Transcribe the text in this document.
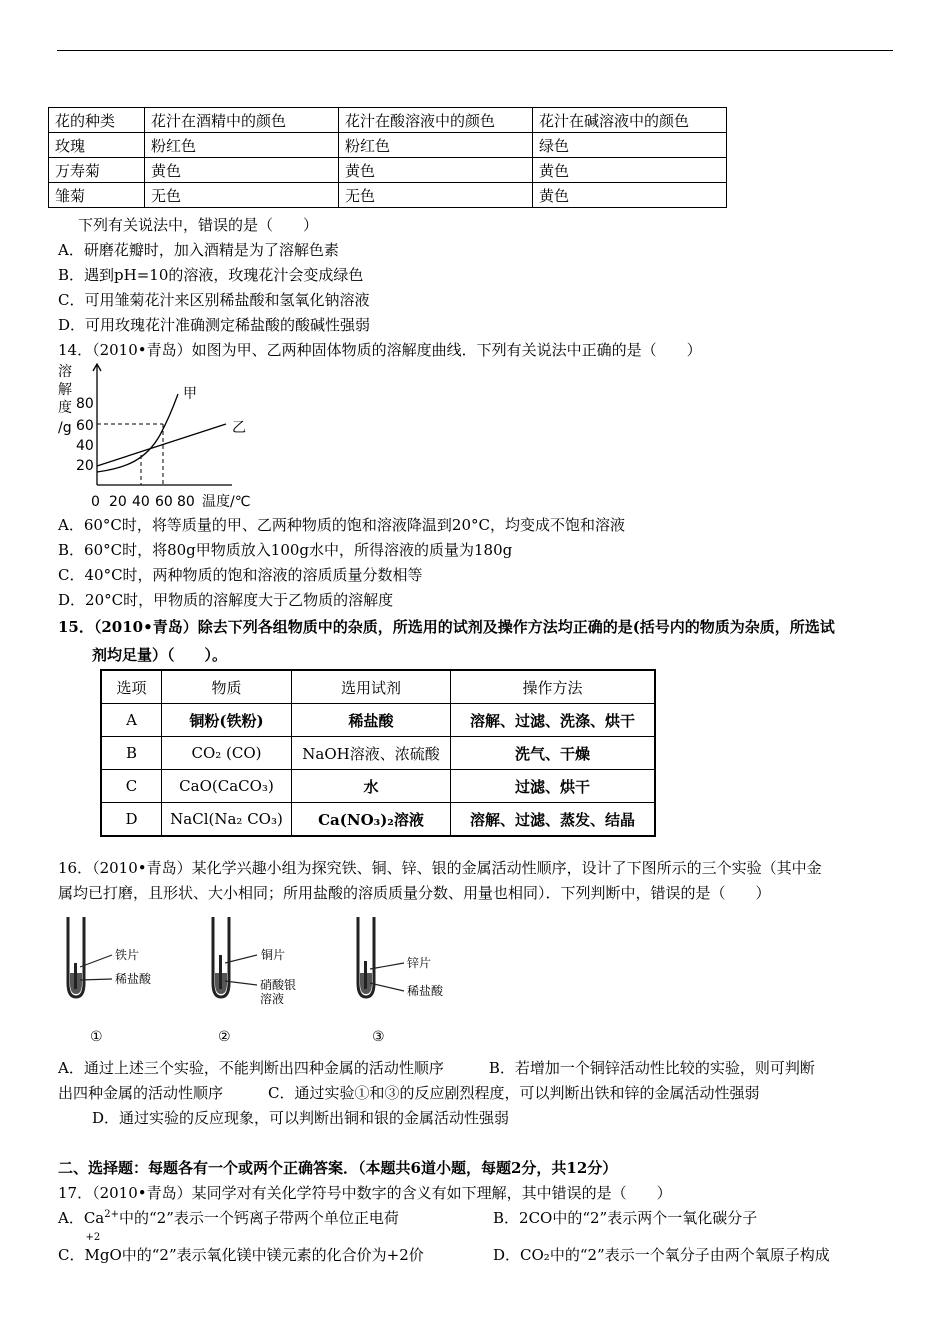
花的种类	花汁在酒精中的颜色	花汁在酸溶液中的颜色	花汁在碱溶液中的颜色
玫瑰	粉红色	粉红色	绿色
万寿菊	黄色	黄色	黄色
雏菊	无色	无色	黄色
下列有关说法中，错误的是（　　）
A．研磨花瓣时，加入酒精是为了溶解色素
B．遇到pH=10的溶液，玫瑰花汁会变成绿色
C．可用雏菊花汁来区别稀盐酸和氢氧化钠溶液
D．可用玫瑰花汁准确测定稀盐酸的酸碱性强弱
14．（2010•青岛）如图为甲、乙两种固体物质的溶解度曲线．下列有关说法中正确的是（　　）
溶
解
度
/g
80
60
40
20
0 20 40 60 80 温度/℃
甲
乙
A．60°C时，将等质量的甲、乙两种物质的饱和溶液降温到20°C，均变成不饱和溶液
B．60°C时，将80g甲物质放入100g水中，所得溶液的质量为180g
C．40°C时，两种物质的饱和溶液的溶质质量分数相等
D．20°C时，甲物质的溶解度大于乙物质的溶解度
15．（2010•青岛）除去下列各组物质中的杂质，所选用的试剂及操作方法均正确的是(括号内的物质为杂质，所选试
剂均足量）（　　）。
选项	物质	选用试剂	操作方法
A	铜粉(铁粉)	稀盐酸	溶解、过滤、洗涤、烘干
B	CO₂ (CO)	NaOH溶液、浓硫酸	洗气、干燥
C	CaO(CaCO₃)	水	过滤、烘干
D	NaCl(Na₂ CO₃)	Ca(NO₃)₂溶液	溶解、过滤、蒸发、结晶
16．（2010•青岛）某化学兴趣小组为探究铁、铜、锌、银的金属活动性顺序，设计了下图所示的三个实验（其中金
属均已打磨，且形状、大小相同；所用盐酸的溶质质量分数、用量也相同）．下列判断中，错误的是（　　）
铁片
稀盐酸
①
铜片
硝酸银
溶液
②
锌片
稀盐酸
③
A．通过上述三个实验，不能判断出四种金属的活动性顺序　　　B．若增加一个铜锌活动性比较的实验，则可判断
出四种金属的活动性顺序　　　C．通过实验①和③的反应剧烈程度，可以判断出铁和锌的金属活动性强弱
D．通过实验的反应现象，可以判断出铜和银的金属活动性强弱
二、选择题：每题各有一个或两个正确答案．（本题共6道小题，每题2分，共12分）
17．（2010•青岛）某同学对有关化学符号中数字的含义有如下理解，其中错误的是（　　）
A．$Ca^{2+}$中的“2”表示一个钙离子带两个单位正电荷	B．2CO中的“2”表示两个一氧化碳分子
C．
+2
MgO中的“2”表示氧化镁中镁元素的化合价为+2价	D．CO₂中的“2”表示一个氧分子由两个氧原子构成
